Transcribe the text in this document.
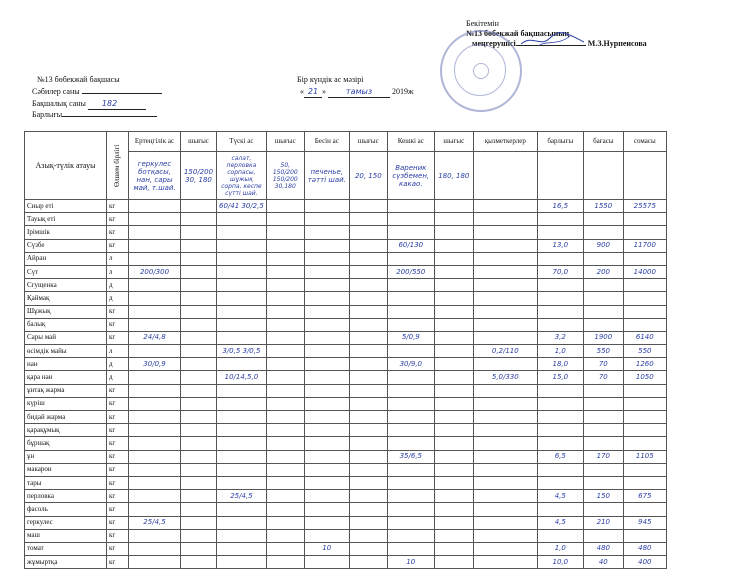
Бекітемін
№13 бөбекжай бақшасының
меңгерушісі	М.З.Нурпеисова
№13 бөбекжай бақшасы
Сәбилер саны
Бақшалық саны 182
Барлығы
Бір күндік ас мәзірі
« 21 » тамыз 2019ж
Азық-түлік атауы	Өлшем бірлігі	Ертеңгілік ас	шығыс	Түскі ас	шығыс	Бесін ас	шығыс	Кешкі ас	шығыс	қызметкерлер	барлығы	бағасы	сомасы
		геркулес ботқасы, нан, сары май, т.шай.	150/200 30, 180	салат, перловка сорпасы, шұжық сорпа, кеспе сүтті шай.	50, 150/200 150/200 30,180	печенье, тәтті шай.	20, 150	Вареник сүзбемен, какао.	180, 180				
Сиыр еті	кг			60/41 30/2,5							16,5	1550	25575
Тауық еті	кг												
Ірімшік	кг												
Сүзбе	кг							60/130			13,0	900	11700
Айран	л												
Сүт	л	200/300						200/550			70,0	200	14000
Сгущенка	д												
Қаймақ	д												
Шұжық	кг												
балық	кг												
Сары май	кг	24/4,8						5/0,9			3,2	1900	6140
өсімдік майы	л			3/0,5 3/0,5						0,2/110	1,0	550	550
нан	д	30/0,9						30/9,0			18,0	70	1260
қара нан	д			10/14,5,0						5,0/330	15,0	70	1050
ұнтақ жарма	кг												
күріш	кг												
бидай жарма	кг												
қарақұмық	кг												
бұршақ	кг												
ұн	кг							35/6,5			6,5	170	1105
макарон	кг												
тары	кг												
перловка	кг			25/4,5							4,5	150	675
фасоль	кг												
геркулес	кг	25/4,5									4,5	210	945
маш	кг												
томат	кг					10					1,0	480	480
жұмыртқа	кг							10			10,0	40	400
